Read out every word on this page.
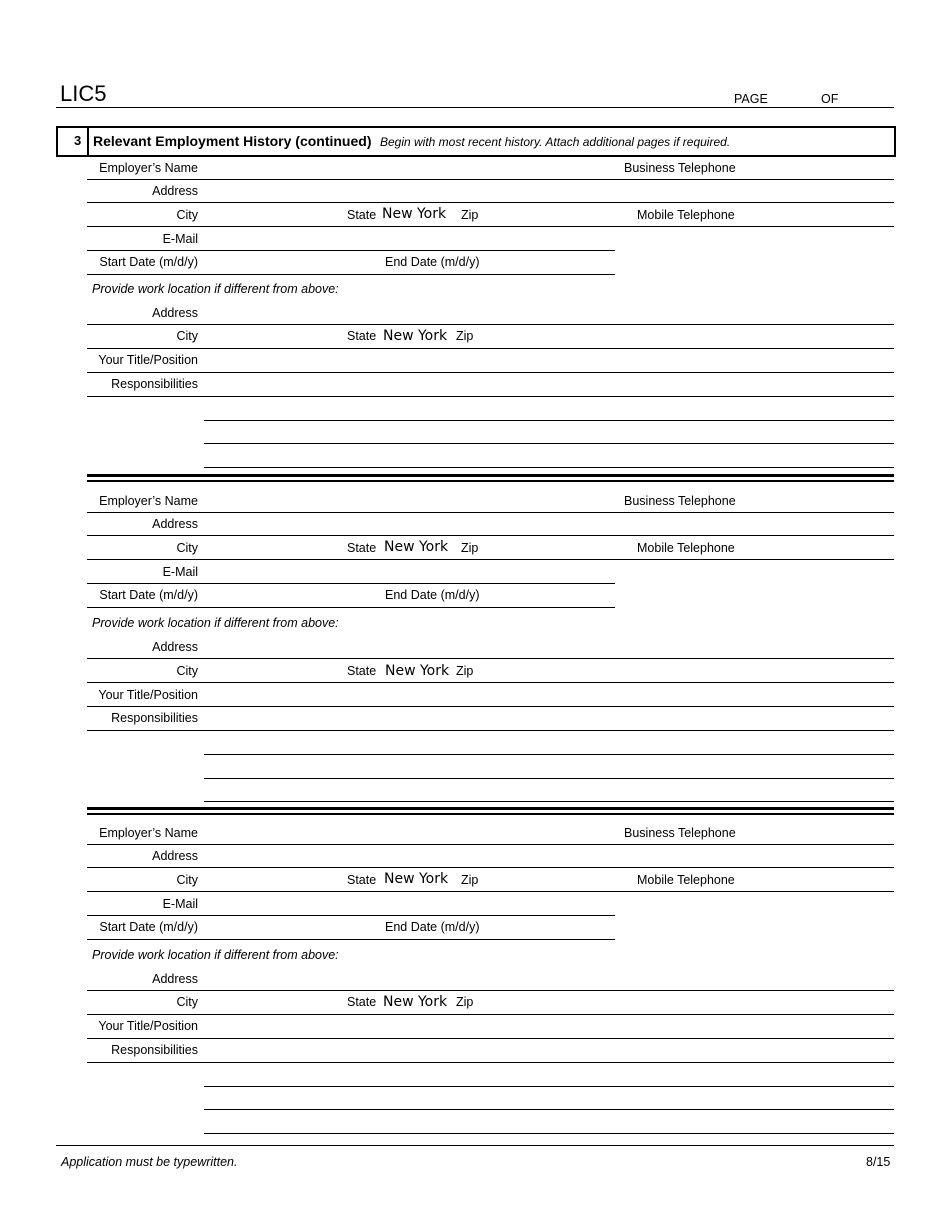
LIC5	PAGE	OF
3 Relevant Employment History (continued) Begin with most recent history. Attach additional pages if required.
Employer’s Name	Business Telephone
Address
City	State New York Zip	Mobile Telephone
E-Mail
Start Date (m/d/y)	End Date (m/d/y)
Provide work location if different from above:
Address
City	State New York Zip
Your Title/Position
Responsibilities
Employer’s Name	Business Telephone
Address
City	State New York Zip	Mobile Telephone
E-Mail
Start Date (m/d/y)	End Date (m/d/y)
Provide work location if different from above:
Address
City	State New York Zip
Your Title/Position
Responsibilities
Employer’s Name	Business Telephone
Address
City	State New York Zip	Mobile Telephone
E-Mail
Start Date (m/d/y)	End Date (m/d/y)
Provide work location if different from above:
Address
City	State New York Zip
Your Title/Position
Responsibilities
Application must be typewritten.	8/15
